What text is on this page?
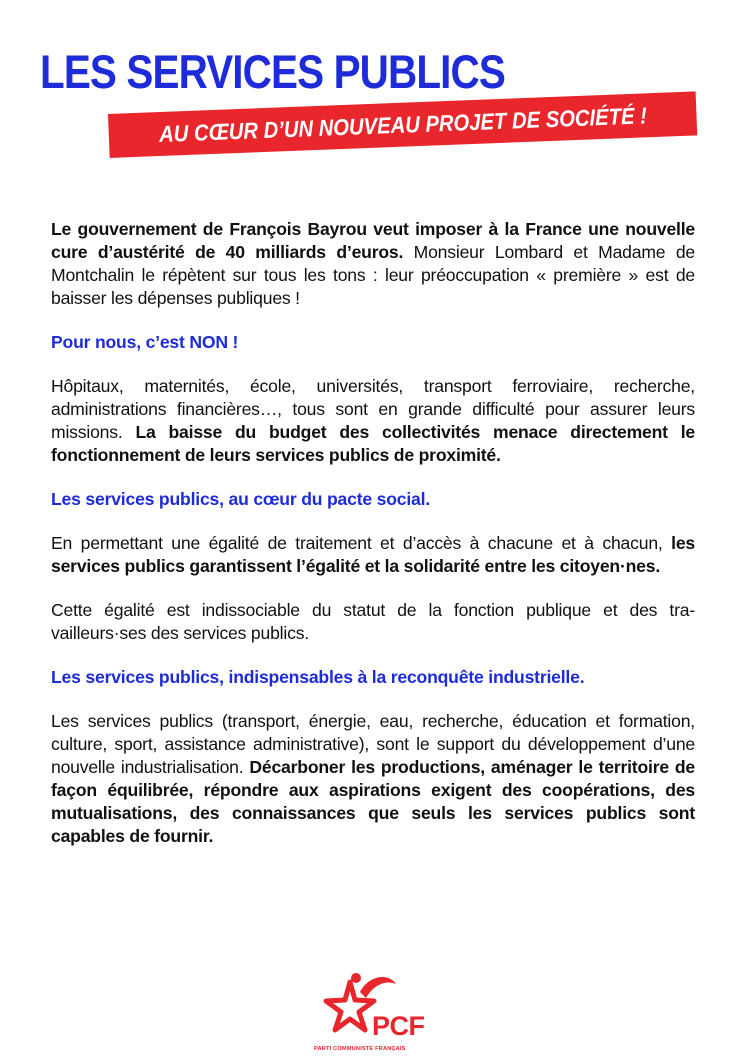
LES SERVICES PUBLICS
AU CŒUR D’UN NOUVEAU PROJET DE SOCIÉTÉ !

Le gouvernement de François Bayrou veut imposer à la France une nouvelle cure d’austérité de 40 milliards d’euros. Monsieur Lombard et Madame de Montchalin le répètent sur tous les tons : leur préoccupation « première » est de baisser les dépenses publiques !

Pour nous, c’est NON !

Hôpitaux, maternités, école, universités, transport ferroviaire, recherche, administrations financières…, tous sont en grande difficulté pour assurer leurs missions. La baisse du budget des collectivités menace directement le fonctionnement de leurs services publics de proximité.

Les services publics, au cœur du pacte social.

En permettant une égalité de traitement et d’accès à chacune et à chacun, les services publics garantissent l’égalité et la solidarité entre les citoyen·nes.

Cette égalité est indissociable du statut de la fonction publique et des tra- vailleurs·ses des services publics.

Les services publics, indispensables à la reconquête industrielle.

Les services publics (transport, énergie, eau, recherche, éducation et formation, culture, sport, assistance administrative), sont le support du développement d’une nouvelle industrialisation. Décarboner les productions, aménager le territoire de façon équilibrée, répondre aux aspirations exigent des coopérations, des mutualisations, des connaissances que seuls les services publics sont capables de fournir.

PCF
PARTI COMMUNISTE FRANÇAIS
